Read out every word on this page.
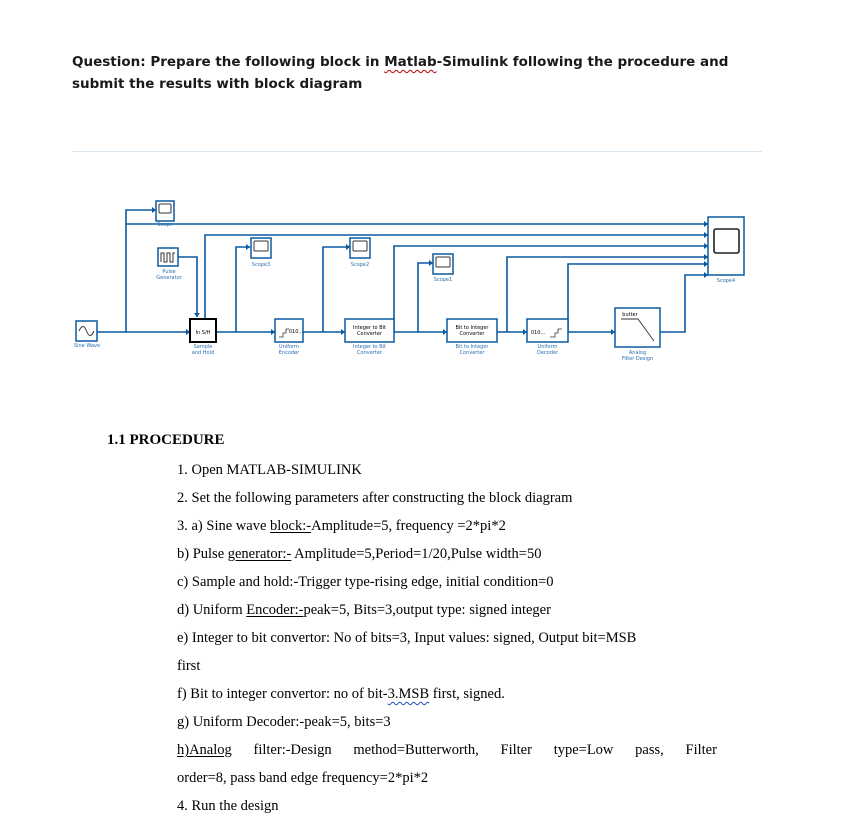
Question: Prepare the following block in Matlab-Simulink following the procedure and submit the results with block diagram
Sine Wave
Scope
Pulse
Generator
In S/H
Sample
and Hold
Scope3
010...
Uniform
Encoder
Scope2
Integer to Bit
Converter
Integer to Bit
Converter
Scope1
Bit to Integer
Converter
Bit to Integer
Converter
010...
Uniform
Decoder
butter
Analog
Filter Design
Scope4
1.1 PROCEDURE
1. Open MATLAB-SIMULINK
2. Set the following parameters after constructing the block diagram
3. a) Sine wave block:-Amplitude=5, frequency =2*pi*2
b) Pulse generator:- Amplitude=5,Period=1/20,Pulse width=50
c) Sample and hold:-Trigger type-rising edge, initial condition=0
d) Uniform Encoder:-peak=5, Bits=3,output type: signed integer
e) Integer to bit convertor: No of bits=3, Input values: signed, Output bit=MSB
first
f) Bit to integer convertor: no of bit-3.MSB first, signed.
g) Uniform Decoder:-peak=5, bits=3
h)Analog filter:-Design method=Butterworth, Filter type=Low pass, Filter
order=8, pass band edge frequency=2*pi*2
4. Run the design
